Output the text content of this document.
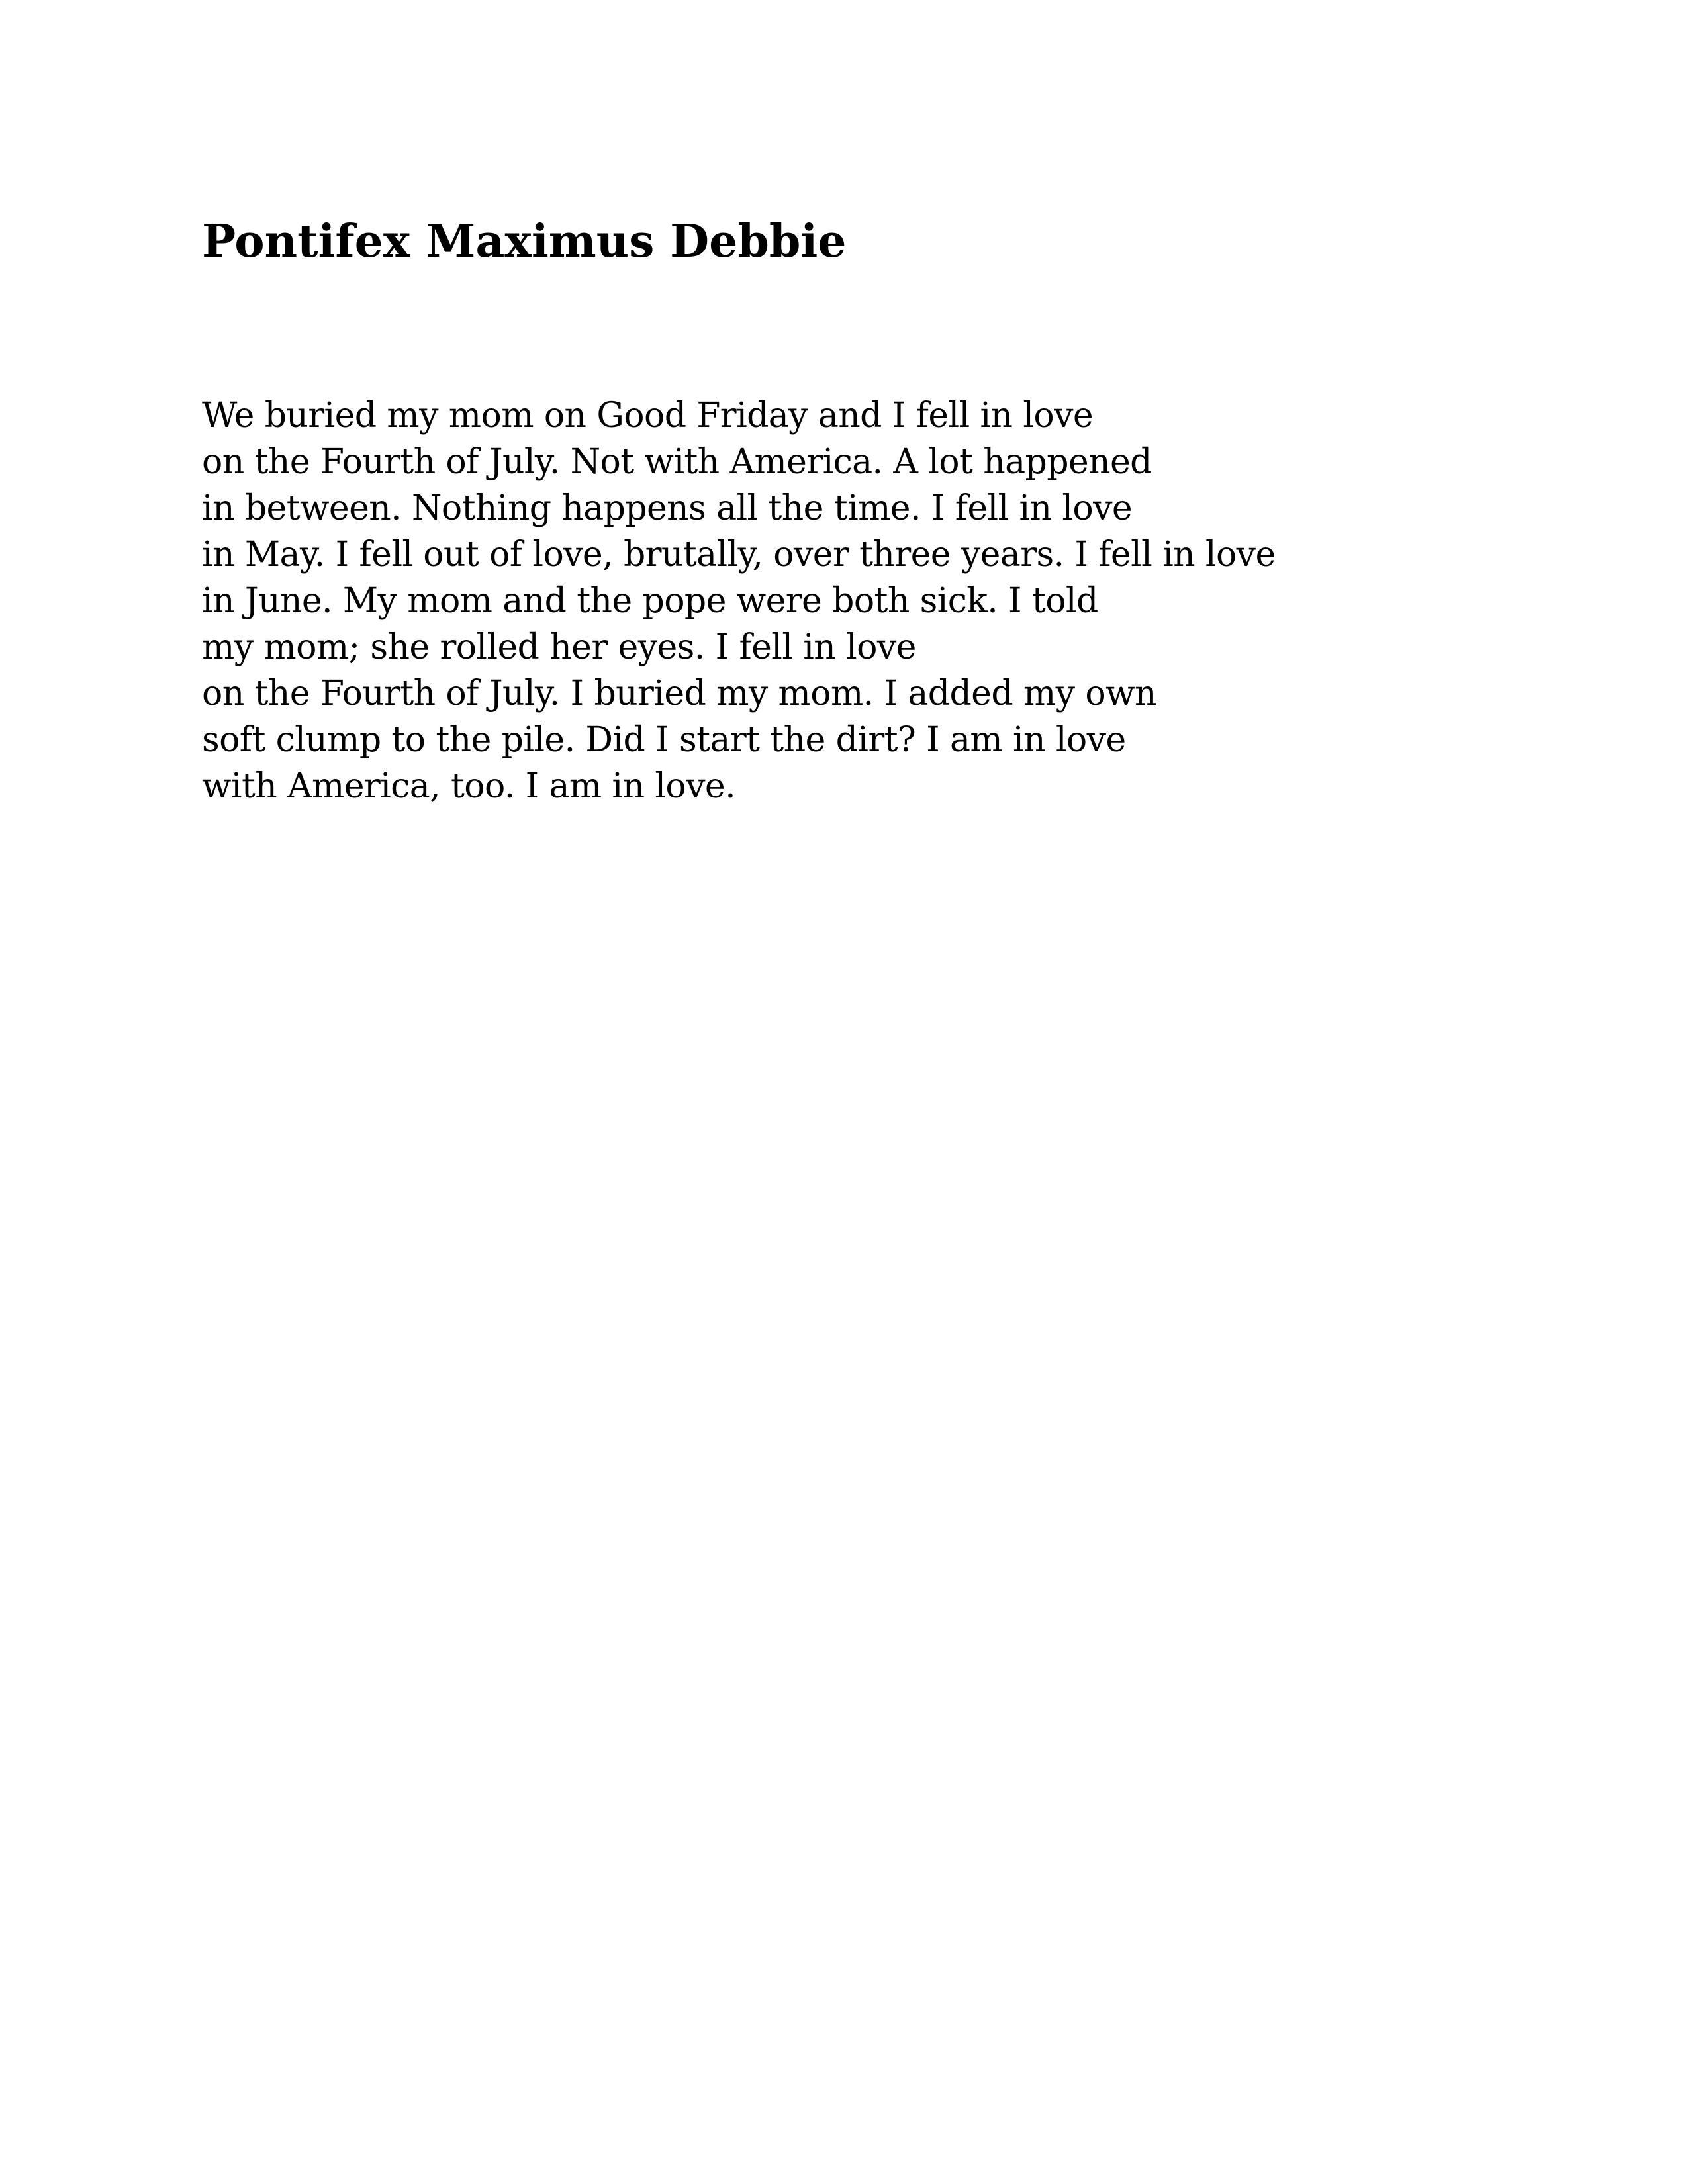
Pontifex Maximus Debbie
We buried my mom on Good Friday and I fell in love
on the Fourth of July. Not with America. A lot happened
in between. Nothing happens all the time. I fell in love
in May. I fell out of love, brutally, over three years. I fell in love
in June. My mom and the pope were both sick. I told
my mom; she rolled her eyes. I fell in love
on the Fourth of July. I buried my mom. I added my own
soft clump to the pile. Did I start the dirt? I am in love
with America, too. I am in love.
